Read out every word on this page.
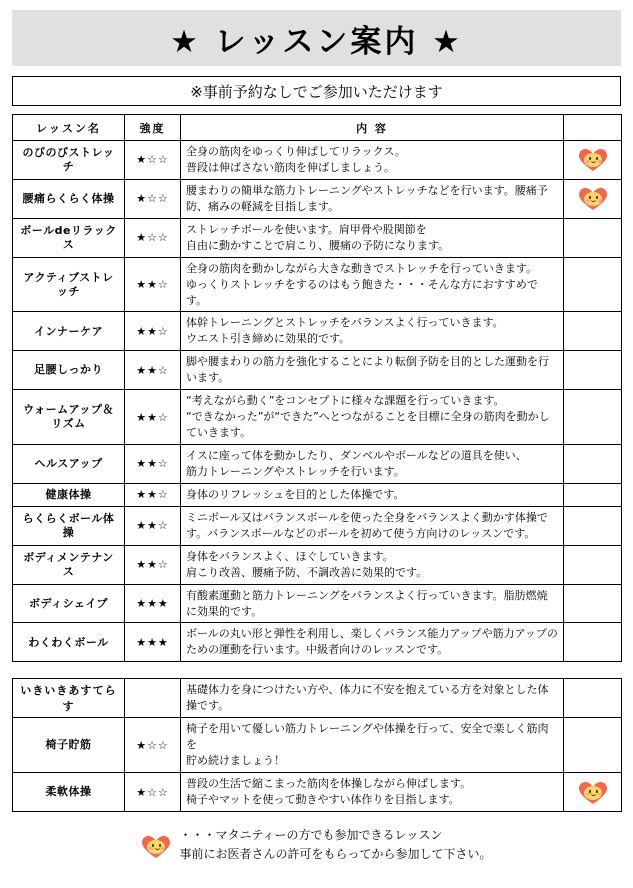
★ レッスン案内 ★
※事前予約なしでご参加いただけます
レッスン名	強度	内 容	
のびのびストレッチ	★☆☆	全身の筋肉をゆっくり伸ばしてリラックス。
普段は伸ばさない筋肉を伸ばしましょう。	

腰痛らくらく体操	★☆☆	腰まわりの簡単な筋力トレーニングやストレッチなどを行います。腰痛予防、痛みの軽減を目指します。	

ボールdeリラックス	★☆☆	ストレッチボールを使います。肩甲骨や股関節を
自由に動かすことで肩こり、腰痛の予防になります。	
アクティブストレッチ	★★☆	全身の筋肉を動かしながら大きな動きでストレッチを行っていきます。
ゆっくりストレッチをするのはもう飽きた・・・そんな方におすすめです。	
インナーケア	★★☆	体幹トレーニングとストレッチをバランスよく行っていきます。
ウエスト引き締めに効果的です。	
足腰しっかり	★★☆	脚や腰まわりの筋力を強化することにより転倒予防を目的とした運動を行います。	
ウォームアップ＆リズム	★★☆	“考えながら動く”をコンセプトに様々な課題を行っていきます。
“できなかった”が“できた”へとつながることを目標に全身の筋肉を動かしていきます。	
ヘルスアップ	★★☆	イスに座って体を動かしたり、ダンベルやボールなどの道具を使い、
筋力トレーニングやストレッチを行います。	
健康体操	★★☆	身体のリフレッシュを目的とした体操です。	
らくらくボール体操	★★☆	ミニボール又はバランスボールを使った全身をバランスよく動かす体操です。バランスボールなどのボールを初めて使う方向けのレッスンです。	
ボディメンテナンス	★★☆	身体をバランスよく、ほぐしていきます。
肩こり改善、腰痛予防、不調改善に効果的です。	
ボディシェイプ	★★★	有酸素運動と筋力トレーニングをバランスよく行っていきます。脂肪燃焼に効果的です。	
わくわくボール	★★★	ボールの丸い形と弾性を利用し、楽しくバランス能力アップや筋力アップのための運動を行います。中級者向けのレッスンです。	
いきいきあすてらす		基礎体力を身につけたい方や、体力に不安を抱えている方を対象とした体操です。	
椅子貯筋	★☆☆	椅子を用いて優しい筋力トレーニングや体操を行って、安全で楽しく筋肉を
貯め続けましょう！	
柔軟体操	★☆☆	普段の生活で縮こまった筋肉を体操しながら伸ばします。
椅子やマットを使って動きやすい体作りを目指します。	
・・・マタニティーの方でも参加できるレッスン
事前にお医者さんの許可をもらってから参加して下さい。
